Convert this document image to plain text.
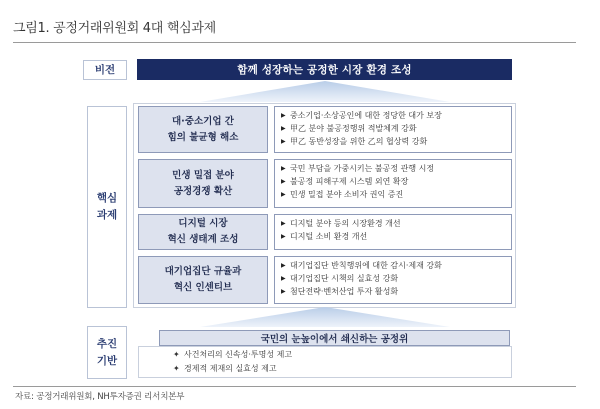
그림1. 공정거래위원회 4대 핵심과제
비전	함께 성장하는 공정한 시장 환경 조성
핵심
과제
대·중소기업 간
힘의 불균형 해소
▶ 중소기업·소상공인에 대한 정당한 대가 보장
▶ 甲乙 분야 불공정행위 적발체계 강화
▶ 甲乙 동반성장을 위한 乙의 협상력 강화
민생 밀접 분야
공정경쟁 확산
▶ 국민 부담을 가중시키는 불공정 관행 시정
▶ 불공정 피해구제 시스템 외연 확장
▶ 민생 밀접 분야 소비자 권익 증진
디지털 시장
혁신 생태계 조성
▶ 디지털 분야 등의 시장환경 개선
▶ 디지털 소비 환경 개선
대기업집단 규율과
혁신 인센티브
▶ 대기업집단 반칙행위에 대한 감시·제재 강화
▶ 대기업집단 시책의 실효성 강화
▶ 첨단전략·벤처산업 투자 활성화
추진
기반	✦ 사건처리의 신속성·투명성 제고
✦ 경제적 제재의 실효성 제고
국민의 눈높이에서 쇄신하는 공정위
자료: 공정거래위원회, NH투자증권 리서치본부
